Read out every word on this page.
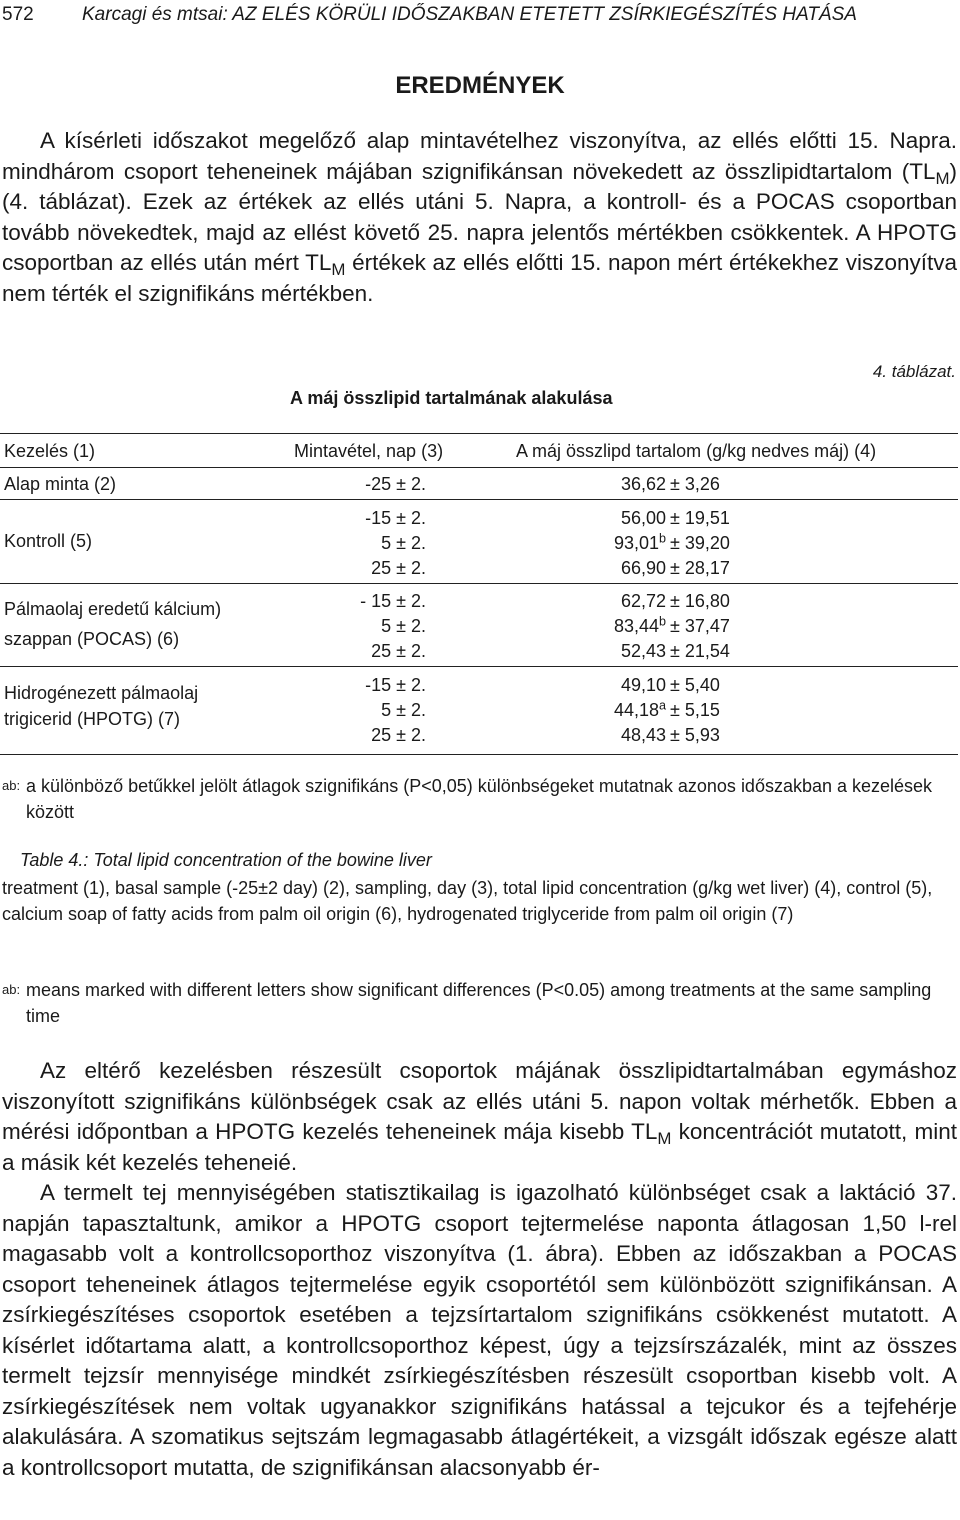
572	Karcagi és mtsai: AZ ELÉS KÖRÜLI IDŐSZAKBAN ETETETT ZSÍRKIEGÉSZÍTÉS HATÁSA
EREDMÉNYEK

A kísérleti időszakot megelőző alap mintavételhez viszonyítva, az ellés előtti 15. Napra. mindhárom csoport teheneinek májában szignifikánsan növekedett az összlipidtartalom $(TL_M)$ (4. táblázat). Ezek az értékek az ellés utáni 5. Napra, a kontroll- és a POCAS csoportban tovább növekedtek, majd az ellést követő 25. napra jelentős mértékben csökkentek. A HPOTG csoportban az ellés után mért $TL_M$ értékek az ellés előtti 15. napon mért értékekhez viszonyítva nem térték el szignifikáns mértékben.

4. táblázat.
A máj összlipid tartalmának alakulása
Kezelés (1)	Mintavétel, nap (3)	A máj összlipd tartalom (g/kg nedves máj) (4)
Alap minta (2)	-25 ± 2.	36,62 ± 3,26
Kontroll (5)
-15 ± 2.	56,00 ± 19,51
5 ± 2.	93,01$^b$ ± 39,20
25 ± 2.	66,90 ± 28,17
Pálmaolaj eredetű kálcium)
szappan (POCAS) (6)
- 15 ± 2.	62,72 ± 16,80
5 ± 2.	83,44$^b$ ± 37,47
25 ± 2.	52,43 ± 21,54
Hidrogénezett pálmaolaj
trigicerid (HPOTG) (7)
-15 ± 2.	49,10 ± 5,40
5 ± 2.	44,18$^a$ ± 5,15
25 ± 2.	48,43 ± 5,93
$^{ab:}$ a különböző betűkkel jelölt átlagok szignifikáns (P<0,05) különbségeket mutatnak azonos időszakban a kezelések között
Table 4.: Total lipid concentration of the bowine liver
treatment (1), basal sample (-25±2 day) (2), sampling, day (3), total lipid concentration (g/kg wet liver) (4), control (5), calcium soap of fatty acids from palm oil origin (6), hydrogenated triglyceride from palm oil origin (7)
$^{ab:}$ means marked with different letters show significant differences (P<0.05) among treatments at the same sampling time

Az eltérő kezelésben részesült csoportok májának összlipidtartalmában egymáshoz viszonyított szignifikáns különbségek csak az ellés utáni 5. napon voltak mérhetők. Ebben a mérési időpontban a HPOTG kezelés teheneinek mája kisebb $TL_M$ koncentrációt mutatott, mint a másik két kezelés teheneié.

A termelt tej mennyiségében statisztikailag is igazolható különbséget csak a laktáció 37. napján tapasztaltunk, amikor a HPOTG csoport tejtermelése naponta átlagosan 1,50 l-rel magasabb volt a kontrollcsoporthoz viszonyítva (1. ábra). Ebben az időszakban a POCAS csoport teheneinek átlagos tejtermelése egyik csoportétól sem különbözött szignifikánsan. A zsírkiegészítéses csoportok esetében a tejzsírtartalom szignifikáns csökkenést mutatott. A kísérlet időtartama alatt, a kontrollcsoporthoz képest, úgy a tejzsírszázalék, mint az összes termelt tejzsír mennyisége mindkét zsírkiegészítésben részesült csoportban kisebb volt. A zsírkiegészítések nem voltak ugyanakkor szignifikáns hatással a tejcukor és a tejfehérje alakulására. A szomatikus sejtszám legmagasabb átlagértékeit, a vizsgált időszak egésze alatt a kontrollcsoport mutatta, de szignifikánsan alacsonyabb ér-
